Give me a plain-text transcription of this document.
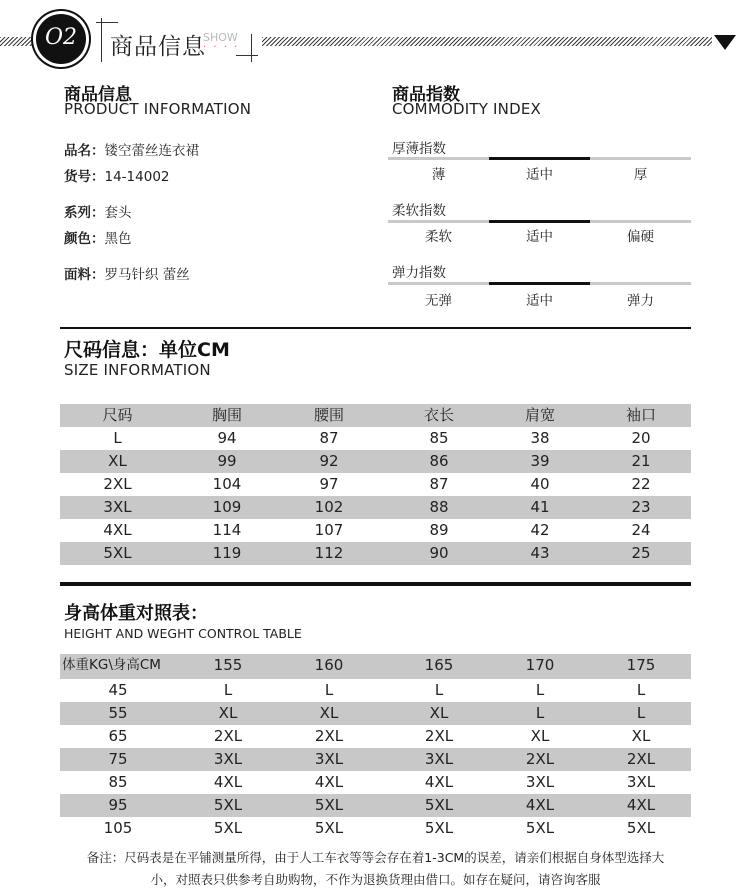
O2	商品信息
SHOW
· · · ·
商品信息
PRODUCT INFORMATION
品名：镂空蕾丝连衣裙
货号：14-14002
系列：套头
颜色：黑色
面料：罗马针织 蕾丝
商品指数
COMMODITY INDEX
厚薄指数
薄	适中	厚
柔软指数
柔软	适中	偏硬
弹力指数
无弹	适中	弹力
尺码信息：单位CM
SIZE INFORMATION
尺码	胸围	腰围	衣长	肩宽	袖口
L	94	87	85	38	20
XL	99	92	86	39	21
2XL	104	97	87	40	22
3XL	109	102	88	41	23
4XL	114	107	89	42	24
5XL	119	112	90	43	25
身高体重对照表：
HEIGHT AND WEGHT CONTROL TABLE
体重KG\身高CM	155	160	165	170	175
45	L	L	L	L	L
55	XL	XL	XL	L	L
65	2XL	2XL	2XL	XL	XL
75	3XL	3XL	3XL	2XL	2XL
85	4XL	4XL	4XL	3XL	3XL
95	5XL	5XL	5XL	4XL	4XL
105	5XL	5XL	5XL	5XL	5XL
备注：尺码表是在平铺测量所得，由于人工车衣等等会存在着1-3CM的误差，请亲们根据自身体型选择大
小，对照表只供参考自助购物，不作为退换货理由借口。如存在疑问，请咨询客服
